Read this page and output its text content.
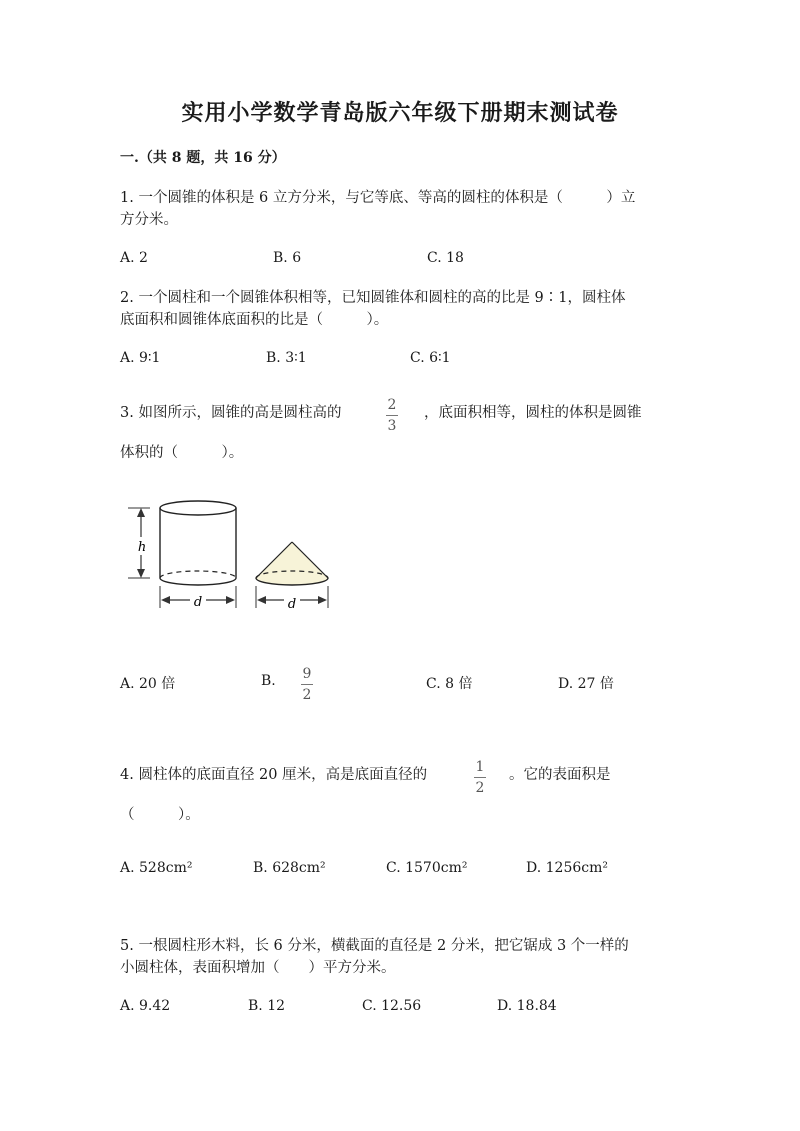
实用小学数学青岛版六年级下册期末测试卷
一.（共 8 题，共 16 分）
1. 一个圆锥的体积是 6 立方分米，与它等底、等高的圆柱的体积是（　　　）立
方分米。
A. 2	B. 6	C. 18
2. 一个圆柱和一个圆锥体积相等，已知圆锥体和圆柱的高的比是 9∶1，圆柱体
底面积和圆锥体底面积的比是（　　　）。
A. 9∶1	B. 3∶1	C. 6∶1
3. 如图所示，圆锥的高是圆柱高的	2
3
，底面积相等，圆柱的体积是圆锥
体积的（　　　）。
h
d	d
A. 20 倍	B. 9
2
C. 8 倍	D. 27 倍
4. 圆柱体的底面直径 20 厘米，高是底面直径的	1
2
。它的表面积是
（　　　）。
A. 528cm²	B. 628cm²	C. 1570cm²	D. 1256cm²
5. 一根圆柱形木料，长 6 分米，横截面的直径是 2 分米，把它锯成 3 个一样的
小圆柱体，表面积增加（　　）平方分米。
A. 9.42	B. 12	C. 12.56	D. 18.84
